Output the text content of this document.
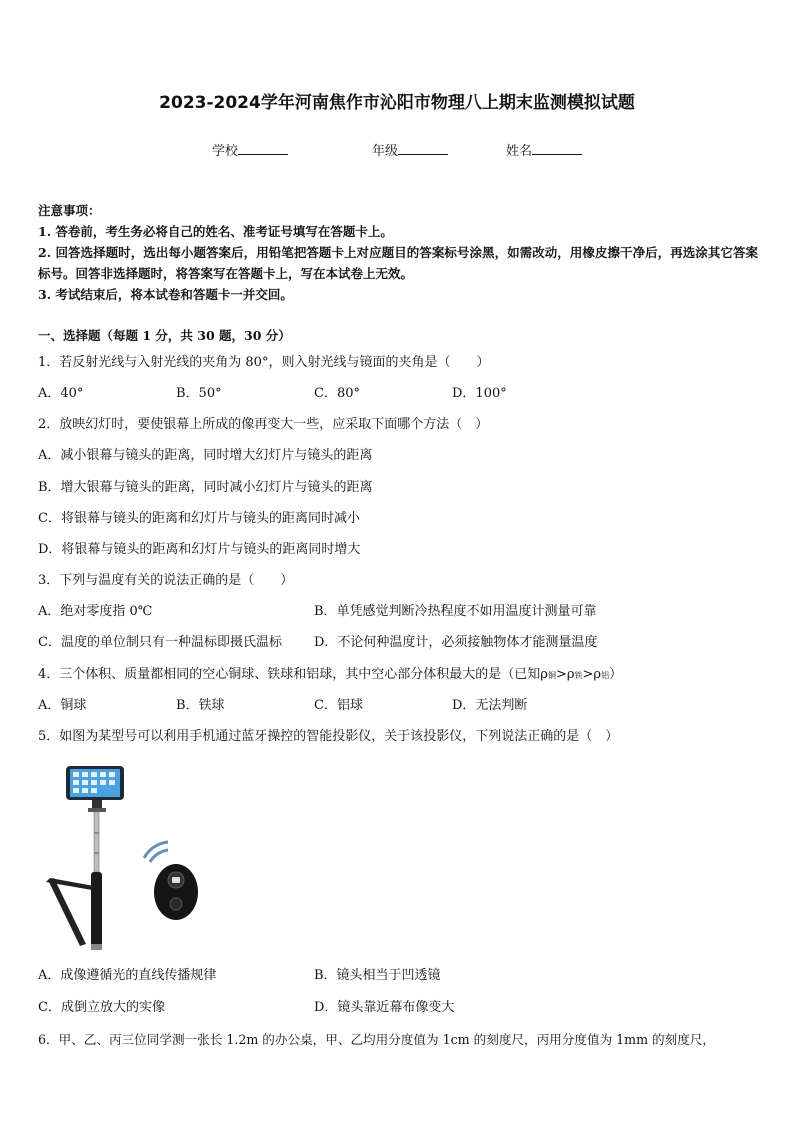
2023-2024学年河南焦作市沁阳市物理八上期末监测模拟试题
学校	年级	姓名
注意事项：
1. 答卷前，考生务必将自己的姓名、准考证号填写在答题卡上。
2. 回答选择题时，选出每小题答案后，用铅笔把答题卡上对应题目的答案标号涂黑，如需改动，用橡皮擦干净后，再选涂其它答案标号。回答非选择题时，将答案写在答题卡上，写在本试卷上无效。
3. 考试结束后，将本试卷和答题卡一并交回。
一、选择题（每题 1 分，共 30 题，30 分）
1．若反射光线与入射光线的夹角为 80°，则入射光线与镜面的夹角是（　　）
A．40°	B．50°	C．80°	D．100°
2．放映幻灯时，要使银幕上所成的像再变大一些，应采取下面哪个方法（　）
A．减小银幕与镜头的距离，同时增大幻灯片与镜头的距离
B．增大银幕与镜头的距离，同时减小幻灯片与镜头的距离
C．将银幕与镜头的距离和幻灯片与镜头的距离同时减小
D．将银幕与镜头的距离和幻灯片与镜头的距离同时增大
3．下列与温度有关的说法正确的是（　　）
A．绝对零度指 0℃	B．单凭感觉判断冷热程度不如用温度计测量可靠
C．温度的单位制只有一种温标即摄氏温标 D．不论何种温度计，必须接触物体才能测量温度
4．三个体积、质量都相同的空心铜球、铁球和铝球，其中空心部分体积最大的是（已知ρ铜>ρ铁>ρ铝）
A．铜球	B．铁球	C．铝球	D．无法判断
5．如图为某型号可以利用手机通过蓝牙操控的智能投影仪，关于该投影仪，下列说法正确的是（　）
A．成像遵循光的直线传播规律	B．镜头相当于凹透镜
C．成倒立放大的实像	D．镜头靠近幕布像变大
6．甲、乙、丙三位同学测一张长 1.2m 的办公桌，甲、乙均用分度值为 1cm 的刻度尺，丙用分度值为 1mm 的刻度尺，
